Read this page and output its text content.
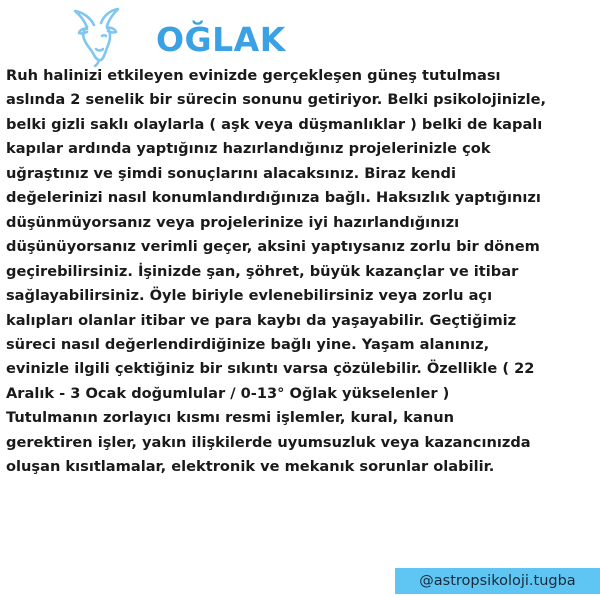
OĞLAK

Ruh halinizi etkileyen evinizde gerçekleşen güneş tutulması
aslında 2 senelik bir sürecin sonunu getiriyor. Belki psikolojinizle,
belki gizli saklı olaylarla ( aşk veya düşmanlıklar ) belki de kapalı
kapılar ardında yaptığınız hazırlandığınız projelerinizle çok
uğraştınız ve şimdi sonuçlarını alacaksınız. Biraz kendi
değelerinizi nasıl konumlandırdığınıza bağlı. Haksızlık yaptığınızı
düşünmüyorsanız veya projelerinize iyi hazırlandığınızı
düşünüyorsanız verimli geçer, aksini yaptıysanız zorlu bir dönem
geçirebilirsiniz. İşinizde şan, şöhret, büyük kazançlar ve itibar
sağlayabilirsiniz. Öyle biriyle evlenebilirsiniz veya zorlu açı
kalıpları olanlar itibar ve para kaybı da yaşayabilir. Geçtiğimiz
süreci nasıl değerlendirdiğinize bağlı yine. Yaşam alanınız,
evinizle ilgili çektiğiniz bir sıkıntı varsa çözülebilir. Özellikle ( 22
Aralık - 3 Ocak doğumlular / 0-13° Oğlak yükselenler )
Tutulmanın zorlayıcı kısmı resmi işlemler, kural, kanun
gerektiren işler, yakın ilişkilerde uyumsuzluk veya kazancınızda
oluşan kısıtlamalar, elektronik ve mekanık sorunlar olabilir.

@astropsikoloji.tugba
